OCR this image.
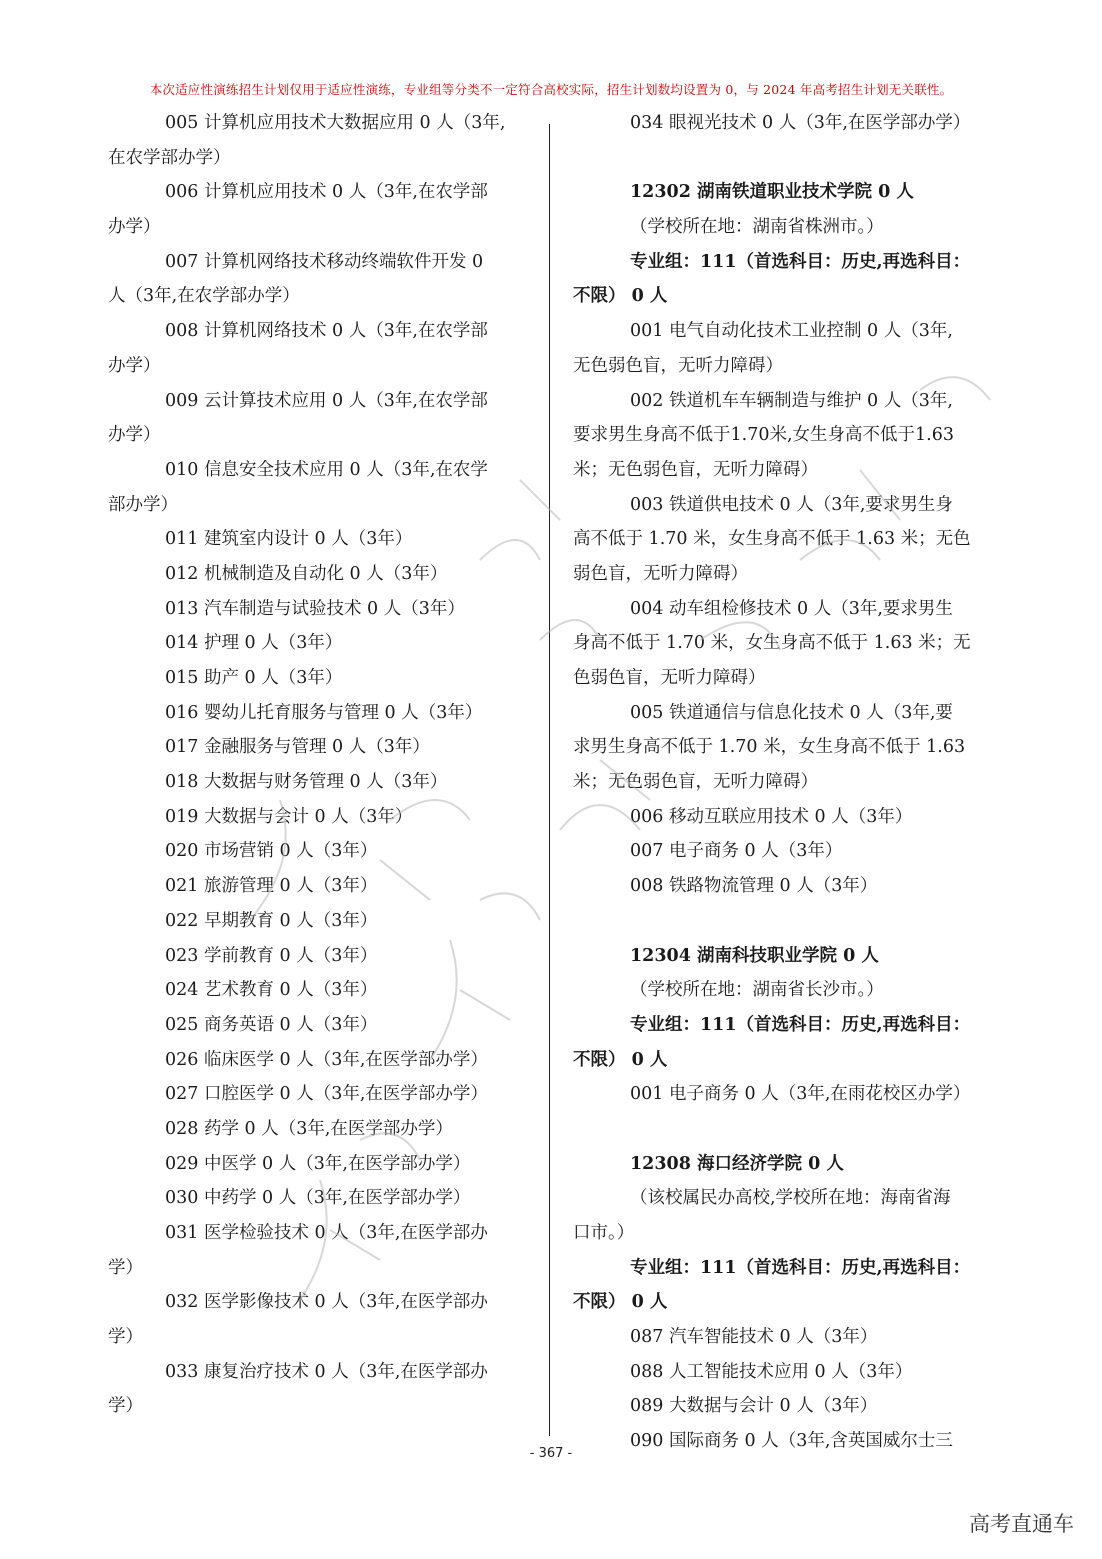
本次适应性演练招生计划仅用于适应性演练，专业组等分类不一定符合高校实际，招生计划数均设置为 0，与 2024 年高考招生计划无关联性。
005 计算机应用技术大数据应用 0 人（3年,
在农学部办学）
006 计算机应用技术 0 人（3年,在农学部
办学）
007 计算机网络技术移动终端软件开发 0
人（3年,在农学部办学）
008 计算机网络技术 0 人（3年,在农学部
办学）
009 云计算技术应用 0 人（3年,在农学部
办学）
010 信息安全技术应用 0 人（3年,在农学
部办学）
011 建筑室内设计 0 人（3年）
012 机械制造及自动化 0 人（3年）
013 汽车制造与试验技术 0 人（3年）
014 护理 0 人（3年）
015 助产 0 人（3年）
016 婴幼儿托育服务与管理 0 人（3年）
017 金融服务与管理 0 人（3年）
018 大数据与财务管理 0 人（3年）
019 大数据与会计 0 人（3年）
020 市场营销 0 人（3年）
021 旅游管理 0 人（3年）
022 早期教育 0 人（3年）
023 学前教育 0 人（3年）
024 艺术教育 0 人（3年）
025 商务英语 0 人（3年）
026 临床医学 0 人（3年,在医学部办学）
027 口腔医学 0 人（3年,在医学部办学）
028 药学 0 人（3年,在医学部办学）
029 中医学 0 人（3年,在医学部办学）
030 中药学 0 人（3年,在医学部办学）
031 医学检验技术 0 人（3年,在医学部办
学）
032 医学影像技术 0 人（3年,在医学部办
学）
033 康复治疗技术 0 人（3年,在医学部办
学）
034 眼视光技术 0 人（3年,在医学部办学）
12302 湖南铁道职业技术学院 0 人
（学校所在地：湖南省株洲市。）
专业组：111（首选科目：历史,再选科目：
不限） 0 人
001 电气自动化技术工业控制 0 人（3年,
无色弱色盲，无听力障碍）
002 铁道机车车辆制造与维护 0 人（3年,
要求男生身高不低于1.70米,女生身高不低于1.63
米；无色弱色盲，无听力障碍）
003 铁道供电技术 0 人（3年,要求男生身
高不低于 1.70 米，女生身高不低于 1.63 米；无色
弱色盲，无听力障碍）
004 动车组检修技术 0 人（3年,要求男生
身高不低于 1.70 米，女生身高不低于 1.63 米；无
色弱色盲，无听力障碍）
005 铁道通信与信息化技术 0 人（3年,要
求男生身高不低于 1.70 米，女生身高不低于 1.63
米；无色弱色盲，无听力障碍）
006 移动互联应用技术 0 人（3年）
007 电子商务 0 人（3年）
008 铁路物流管理 0 人（3年）
12304 湖南科技职业学院 0 人
（学校所在地：湖南省长沙市。）
专业组：111（首选科目：历史,再选科目：
不限） 0 人
001 电子商务 0 人（3年,在雨花校区办学）
12308 海口经济学院 0 人
（该校属民办高校,学校所在地：海南省海
口市。）
专业组：111（首选科目：历史,再选科目：
不限） 0 人
087 汽车智能技术 0 人（3年）
088 人工智能技术应用 0 人（3年）
089 大数据与会计 0 人（3年）
090 国际商务 0 人（3年,含英国威尔士三
- 367 -
高考直通车
